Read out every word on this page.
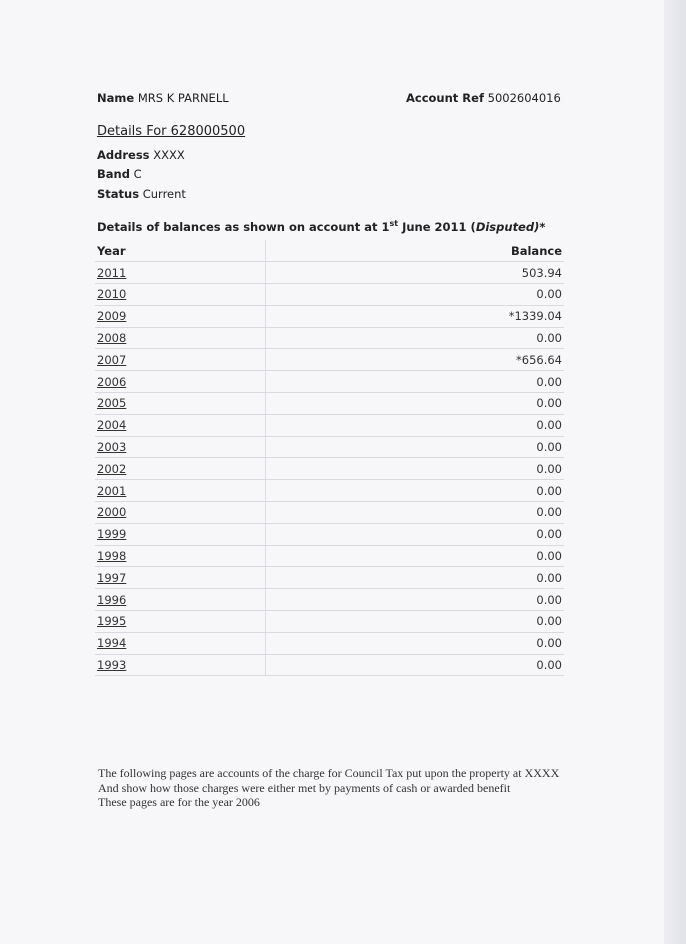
Name MRS K PARNELL	Account Ref 5002604016
Details For 628000500
Address XXXX
Band C
Status Current
Details of balances as shown on account at 1st June 2011 (Disputed)*
Year	Balance
2011	503.94
2010	0.00
2009	*1339.04
2008	0.00
2007	*656.64
2006	0.00
2005	0.00
2004	0.00
2003	0.00
2002	0.00
2001	0.00
2000	0.00
1999	0.00
1998	0.00
1997	0.00
1996	0.00
1995	0.00
1994	0.00
1993	0.00

The following pages are accounts of the charge for Council Tax put upon the property at XXXX

And show how those charges were either met by payments of cash or awarded benefit

These pages are for the year 2006
